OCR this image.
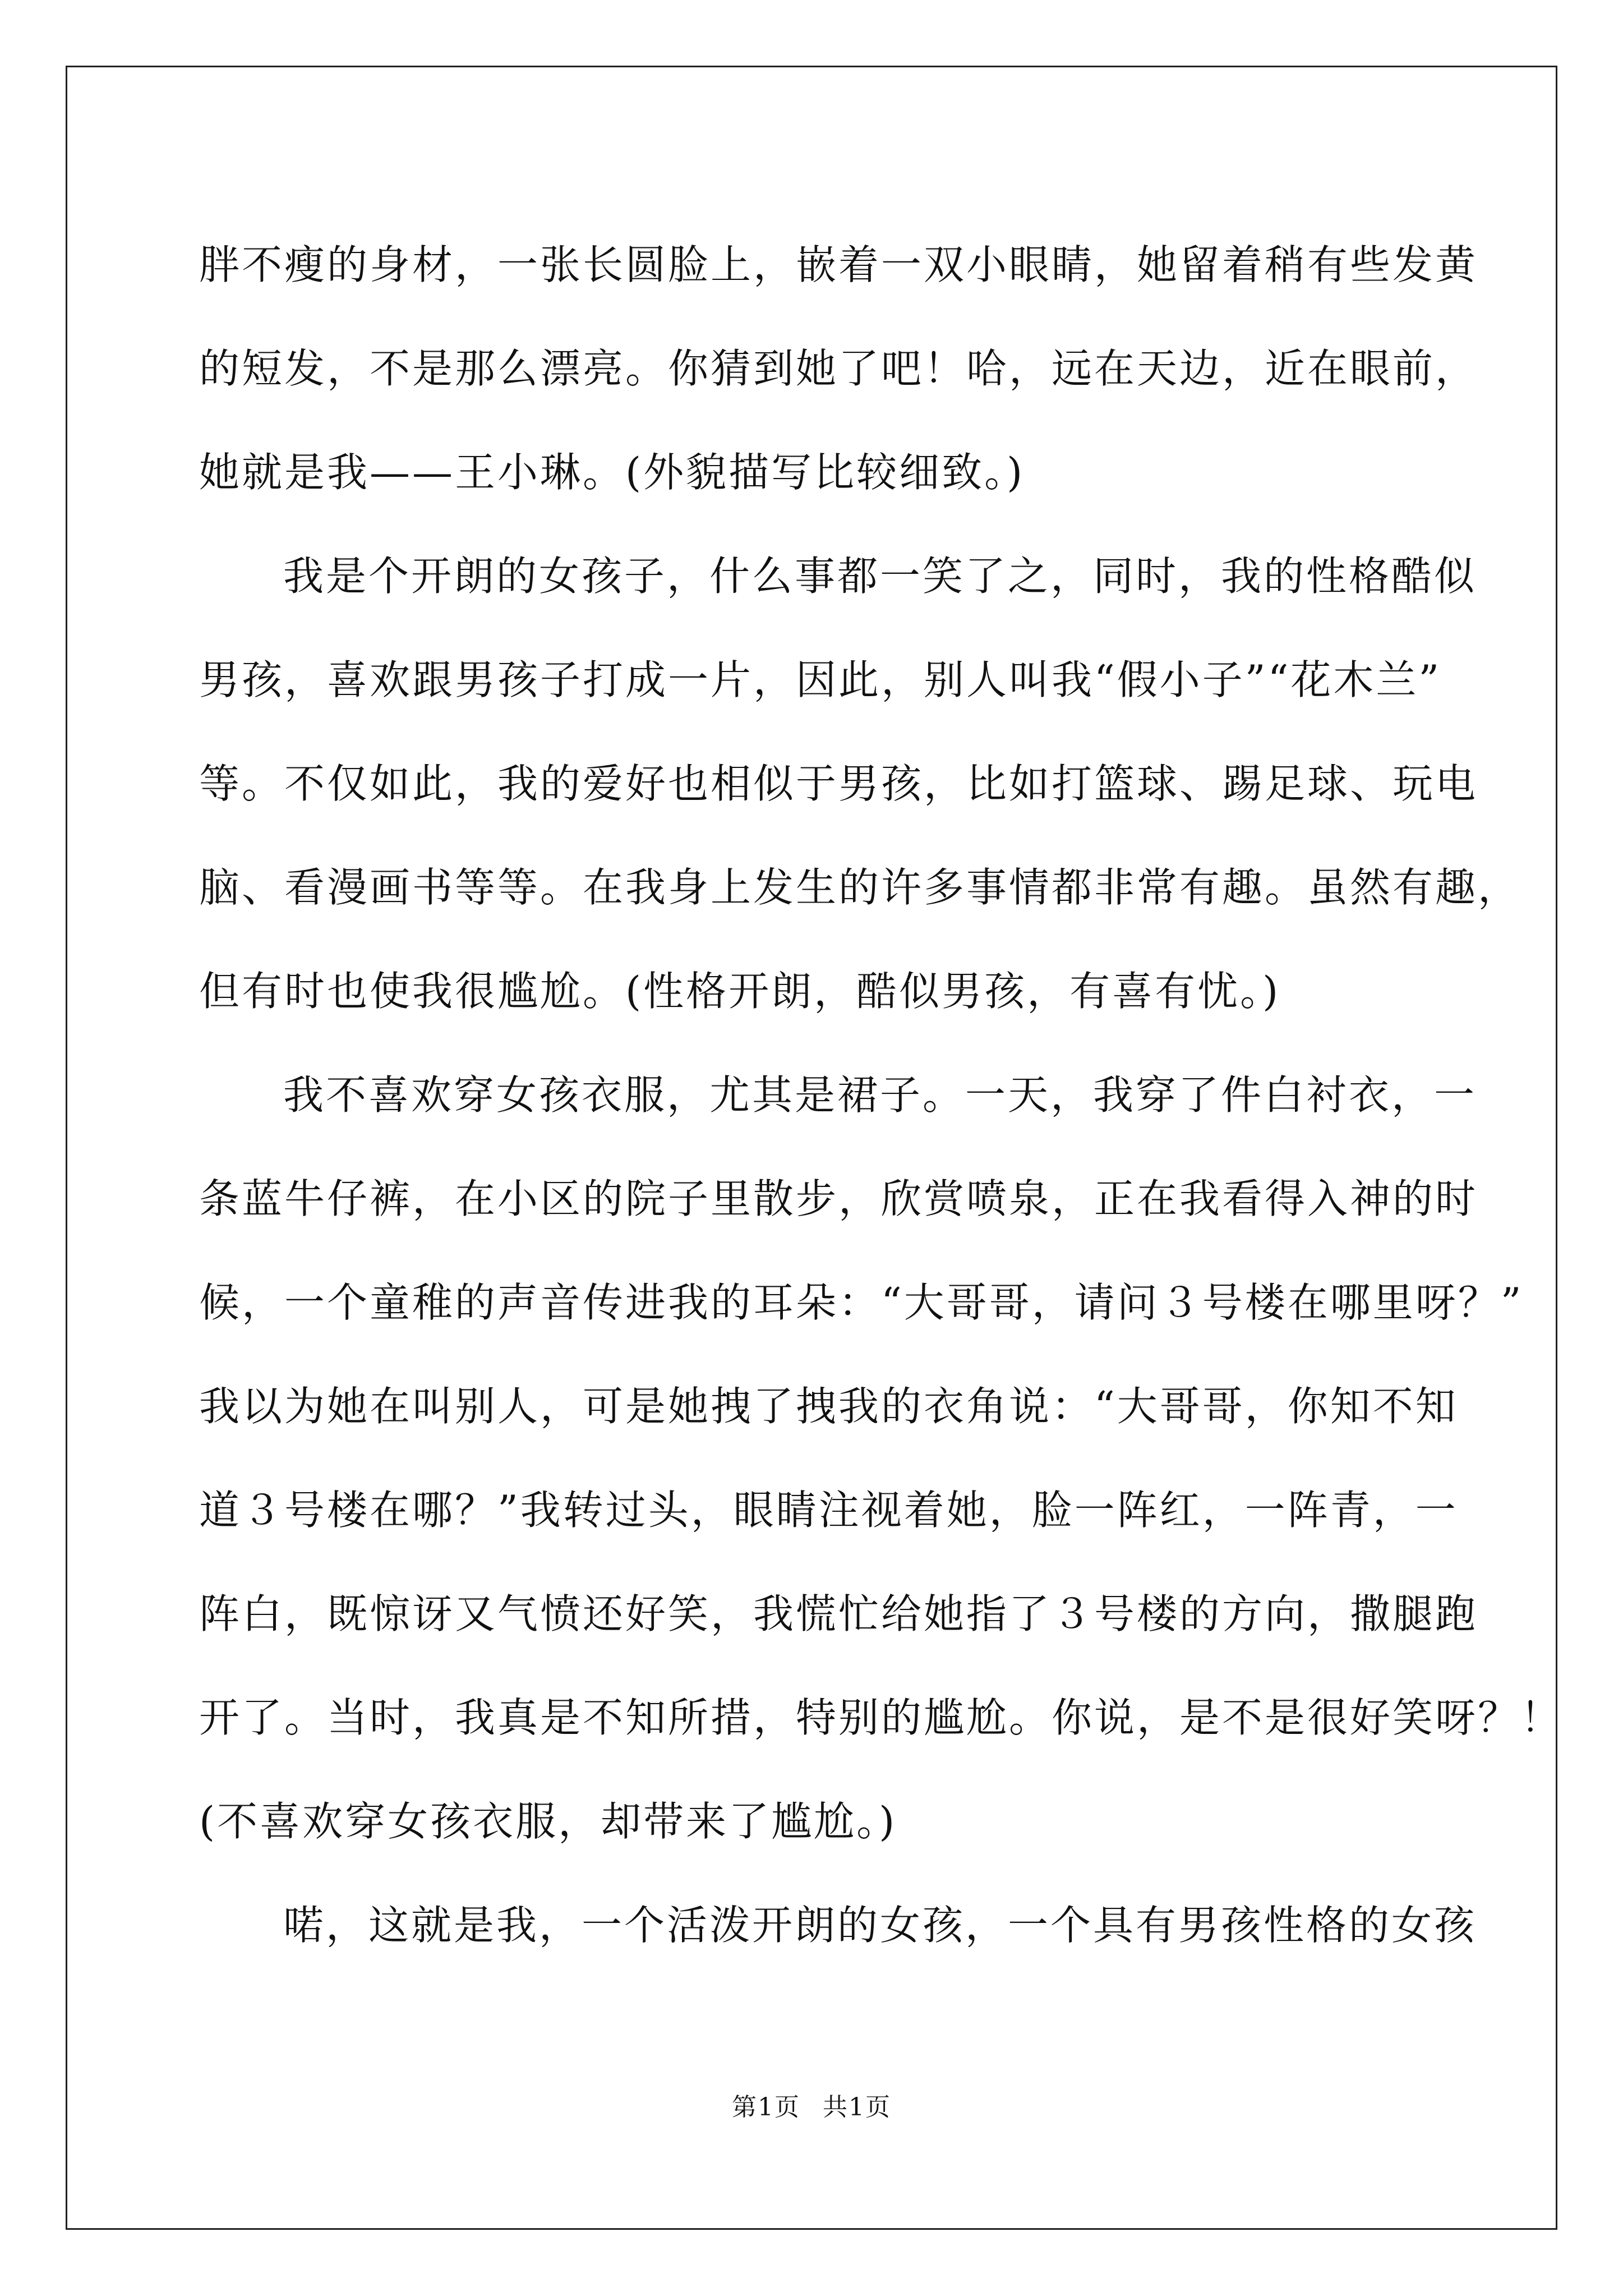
胖不瘦的身材，一张长圆脸上，嵌着一双小眼睛，她留着稍有些发黄
的短发，不是那么漂亮。你猜到她了吧！哈，远在天边，近在眼前，
她就是我——王小琳。(外貌描写比较细致。)
我是个开朗的女孩子，什么事都一笑了之，同时，我的性格酷似
男孩，喜欢跟男孩子打成一片，因此，别人叫我“假小子”“花木兰”
等。不仅如此，我的爱好也相似于男孩，比如打篮球、踢足球、玩电
脑、看漫画书等等。在我身上发生的许多事情都非常有趣。虽然有趣，
但有时也使我很尴尬。(性格开朗，酷似男孩，有喜有忧。)
我不喜欢穿女孩衣服，尤其是裙子。一天，我穿了件白衬衣，一
条蓝牛仔裤，在小区的院子里散步，欣赏喷泉，正在我看得入神的时
候，一个童稚的声音传进我的耳朵：“大哥哥，请问３号楼在哪里呀？”
我以为她在叫别人，可是她拽了拽我的衣角说：“大哥哥，你知不知
道３号楼在哪？”我转过头，眼睛注视着她，脸一阵红，一阵青，一
阵白，既惊讶又气愤还好笑，我慌忙给她指了３号楼的方向，撒腿跑
开了。当时，我真是不知所措，特别的尴尬。你说，是不是很好笑呀？！
(不喜欢穿女孩衣服，却带来了尴尬。)
喏，这就是我，一个活泼开朗的女孩，一个具有男孩性格的女孩
第1页 共1页
